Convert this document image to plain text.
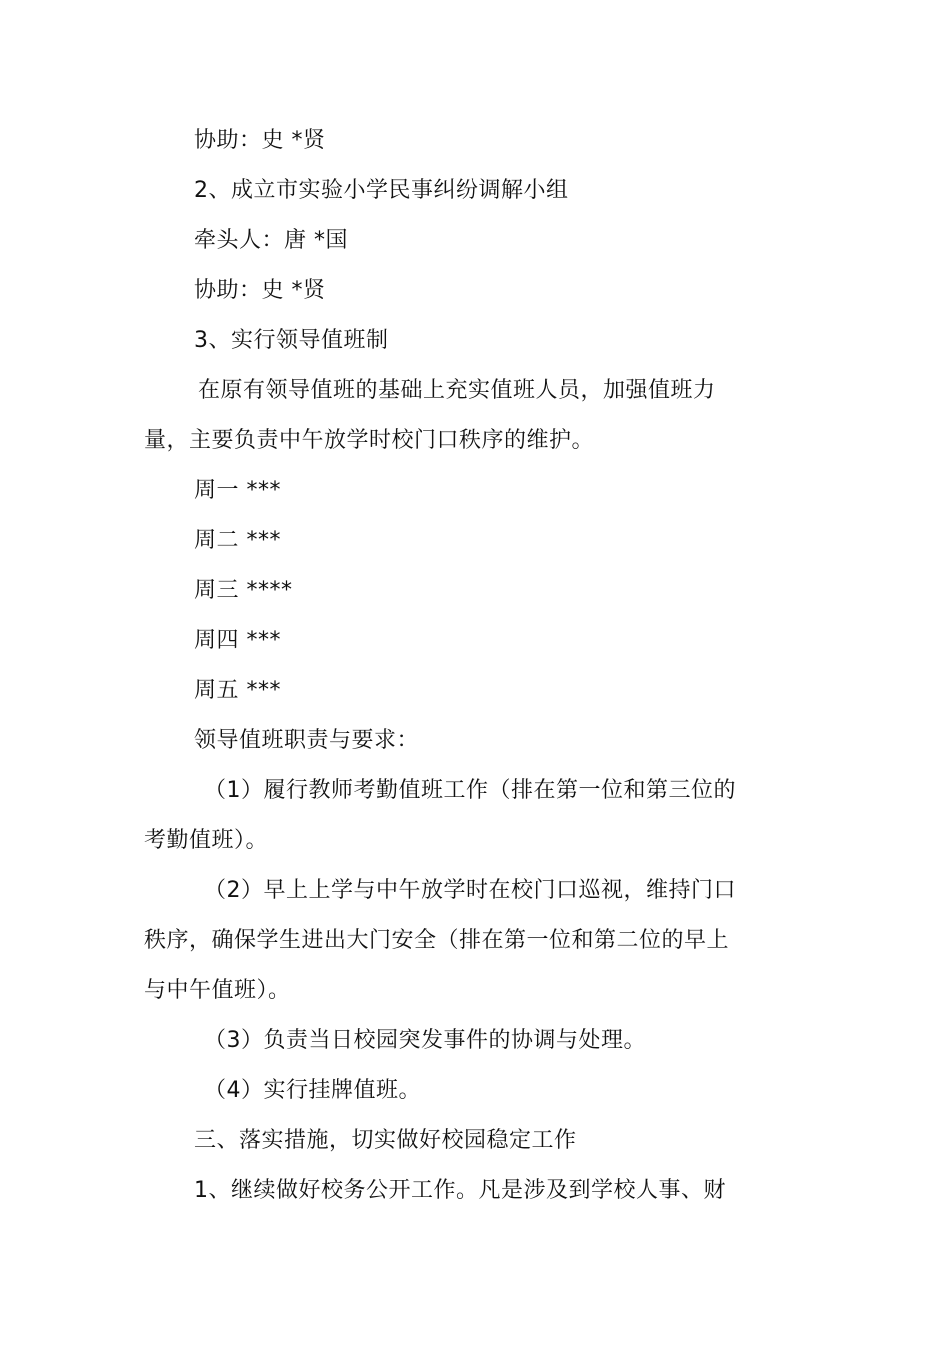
协助：史 *贤
2、成立市实验小学民事纠纷调解小组
牵头人：唐 *国
协助：史 *贤
3、实行领导值班制
在原有领导值班的基础上充实值班人员，加强值班力
量，主要负责中午放学时校门口秩序的维护。
周一 ***
周二 ***
周三 ****
周四 ***
周五 ***
领导值班职责与要求：
（1）履行教师考勤值班工作（排在第一位和第三位的
考勤值班）。
（2）早上上学与中午放学时在校门口巡视，维持门口
秩序，确保学生进出大门安全（排在第一位和第二位的早上
与中午值班）。
（3）负责当日校园突发事件的协调与处理。
（4）实行挂牌值班。
三、落实措施，切实做好校园稳定工作
1、继续做好校务公开工作。凡是涉及到学校人事、财
